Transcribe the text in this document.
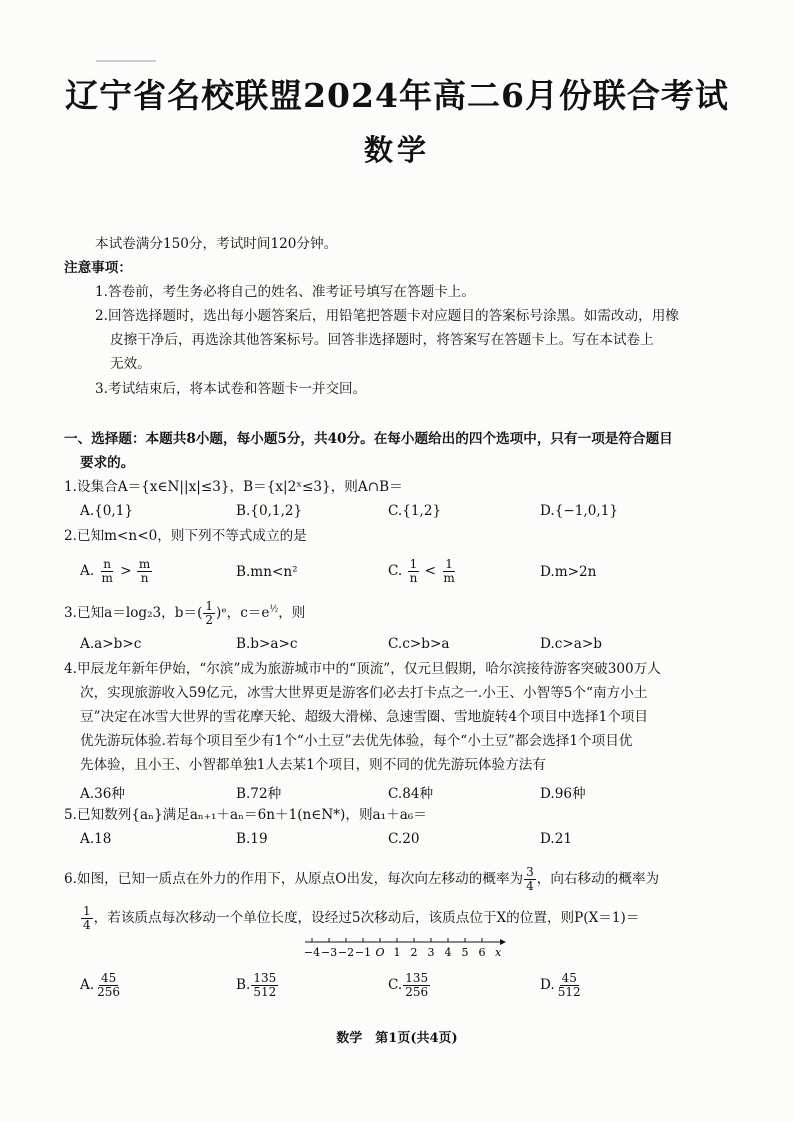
辽宁省名校联盟2024年高二6月份联合考试
数学
本试卷满分150分，考试时间120分钟。
注意事项：
1.答卷前，考生务必将自己的姓名、准考证号填写在答题卡上。
2.回答选择题时，选出每小题答案后，用铅笔把答题卡对应题目的答案标号涂黑。如需改动，用橡
皮擦干净后，再选涂其他答案标号。回答非选择题时，将答案写在答题卡上。写在本试卷上
无效。
3.考试结束后，将本试卷和答题卡一并交回。
一、选择题：本题共8小题，每小题5分，共40分。在每小题给出的四个选项中，只有一项是符合题目
要求的。
1.设集合A＝{x∈N||x|≤3}，B＝{x|2ˣ≤3}，则A∩B＝
A.{0,1}	B.{0,1,2}	C.{1,2}	D.{−1,0,1}
2.已知m<n<0，则下列不等式成立的是
A. $\frac{n}{m} > \frac{m}{n}$	B.mn<n²	C. $\frac{1}{n} < \frac{1}{m}$	D.m>2n
3.已知a＝log₂3，$b=( \frac{1}{2}$ )ᵉ，$c=e^{\frac{1}{2}}$，则
A.a>b>c	B.b>a>c	C.c>b>a	D.c>a>b
4.甲辰龙年新年伊始，“尔滨”成为旅游城市中的“顶流”，仅元旦假期，哈尔滨接待游客突破300万人
次，实现旅游收入59亿元，冰雪大世界更是游客们必去打卡点之一.小王、小智等5个“南方小土
豆”决定在冰雪大世界的雪花摩天轮、超级大滑梯、急速雪圈、雪地旋转4个项目中选择1个项目
优先游玩体验.若每个项目至少有1个“小土豆”去优先体验，每个“小土豆”都会选择1个项目优
先体验，且小王、小智都单独1人去某1个项目，则不同的优先游玩体验方法有
A.36种	B.72种	C.84种	D.96种
5.已知数列{aₙ}满足aₙ₊₁＋aₙ＝6n＋1(n∈N*)，则a₁＋a₆＝
A.18	B.19	C.20	D.21
6.如图，已知一质点在外力的作用下，从原点O出发，每次向左移动的概率为 $\frac{3}{4}$ ，向右移动的概率为
$\frac{1}{4}$ ，若该质点每次移动一个单位长度，设经过5次移动后，该质点位于X的位置，则P(X＝1)＝
−4 −3 −2 −1 O 1 2 3 4 5 6 x
A. $\frac{45}{256}$	B. $\frac{135}{512}$	C. $\frac{135}{256}$	D. $\frac{45}{512}$
数学　第1页(共4页)
